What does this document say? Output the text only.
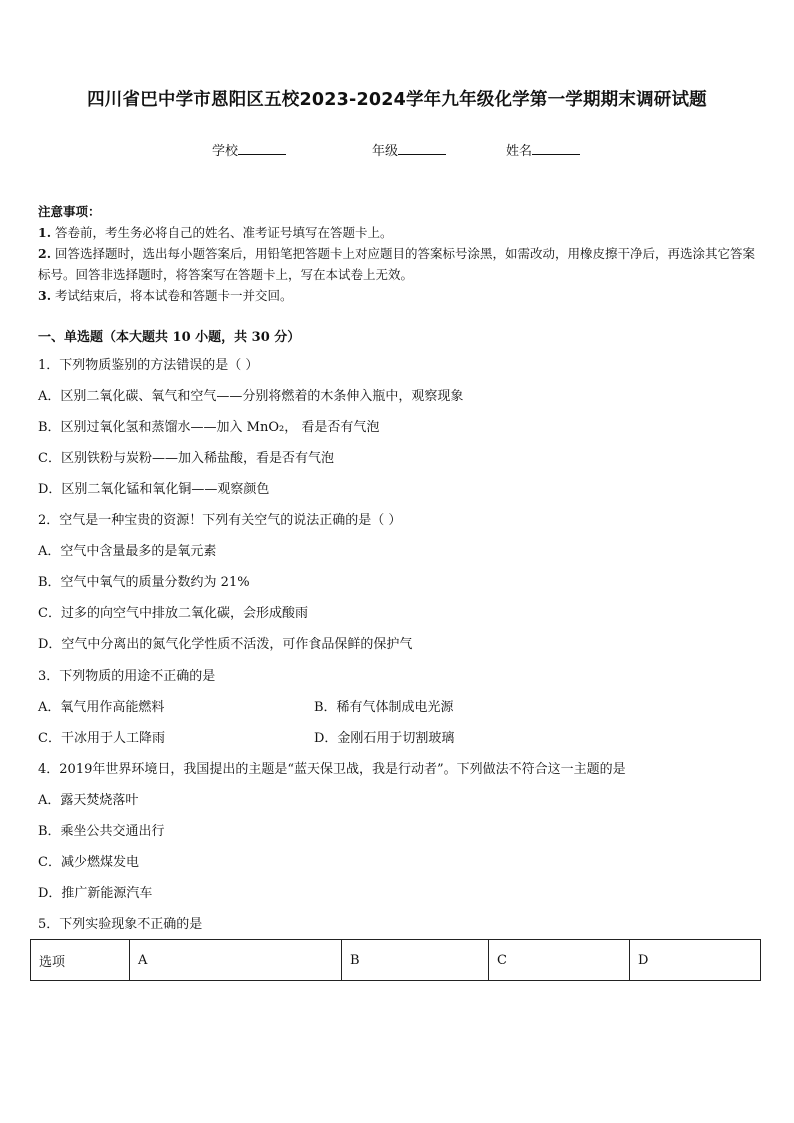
四川省巴中学市恩阳区五校2023-2024学年九年级化学第一学期期末调研试题
学校	年级	姓名
注意事项：
1. 答卷前，考生务必将自己的姓名、准考证号填写在答题卡上。
2. 回答选择题时，选出每小题答案后，用铅笔把答题卡上对应题目的答案标号涂黑，如需改动，用橡皮擦干净后，再选涂其它答案标号。回答非选择题时，将答案写在答题卡上，写在本试卷上无效。
3. 考试结束后，将本试卷和答题卡一并交回。
一、单选题（本大题共 10 小题，共 30 分）
1．下列物质鉴别的方法错误的是（ ）
A．区别二氧化碳、氧气和空气——分别将燃着的木条伸入瓶中，观察现象
B．区别过氧化氢和蒸馏水——加入 MnO₂， 看是否有气泡
C．区别铁粉与炭粉——加入稀盐酸，看是否有气泡
D．区别二氧化锰和氧化铜——观察颜色
2．空气是一种宝贵的资源！下列有关空气的说法正确的是（ ）
A．空气中含量最多的是氧元素
B．空气中氧气的质量分数约为 21%
C．过多的向空气中排放二氧化碳，会形成酸雨
D．空气中分离出的氮气化学性质不活泼，可作食品保鲜的保护气
3．下列物质的用途不正确的是
A．氧气用作高能燃料	B．稀有气体制成电光源
C．干冰用于人工降雨	D．金刚石用于切割玻璃
4．2019年世界环境日，我国提出的主题是“蓝天保卫战，我是行动者”。下列做法不符合这一主题的是
A．露天焚烧落叶
B．乘坐公共交通出行
C．减少燃煤发电
D．推广新能源汽车
5．下列实验现象不正确的是
选项	A	B	C	D
